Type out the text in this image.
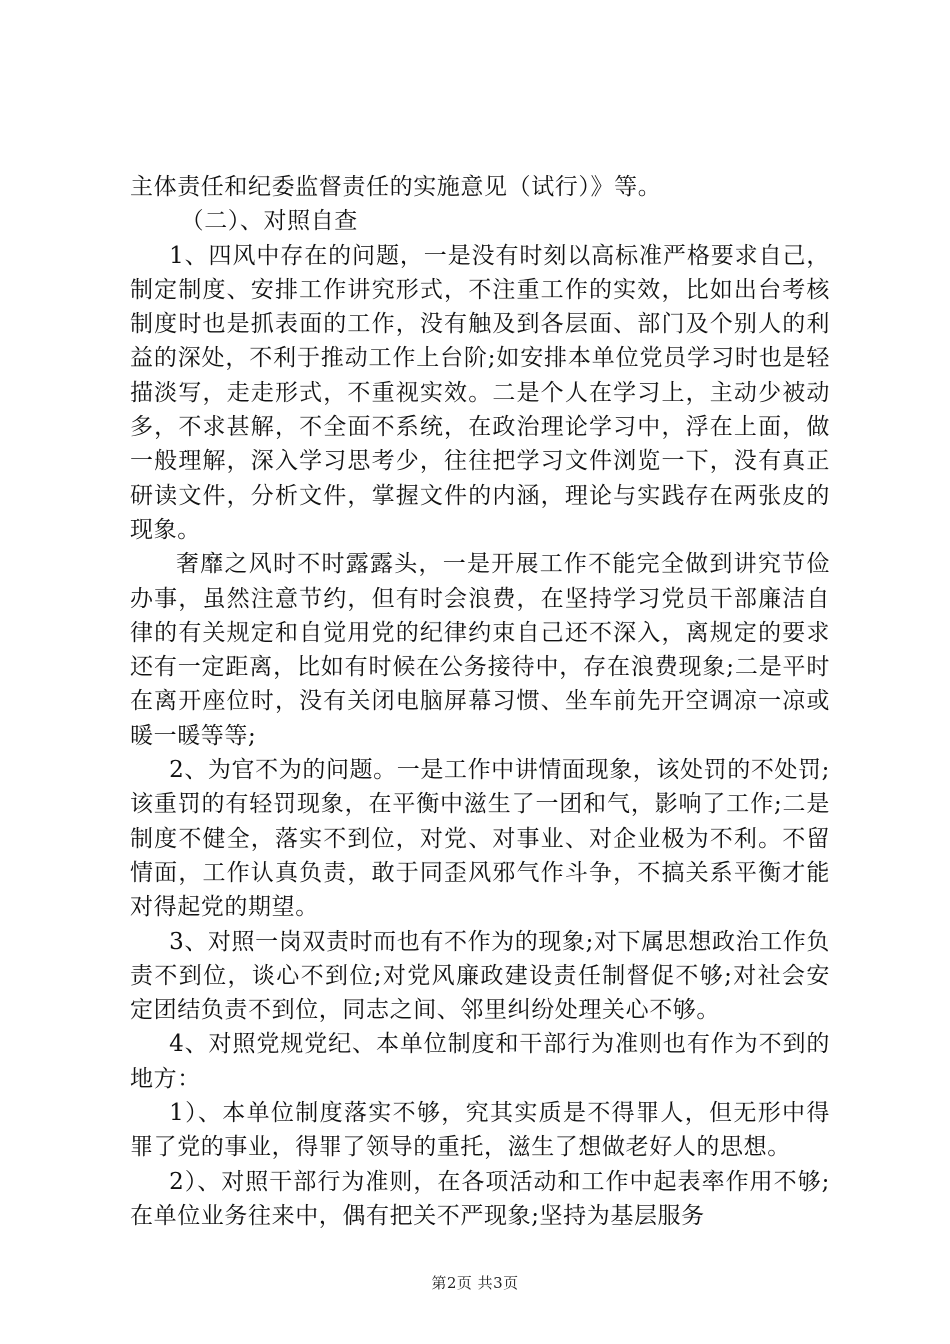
主体责任和纪委监督责任的实施意见（试行）》等。

（二）、对照自查

1、四风中存在的问题，一是没有时刻以高标准严格要求自己，制定制度、安排工作讲究形式，不注重工作的实效，比如出台考核制度时也是抓表面的工作，没有触及到各层面、部门及个别人的利益的深处，不利于推动工作上台阶;如安排本单位党员学习时也是轻描淡写，走走形式，不重视实效。二是个人在学习上，主动少被动多，不求甚解，不全面不系统，在政治理论学习中，浮在上面，做一般理解，深入学习思考少，往往把学习文件浏览一下，没有真正研读文件，分析文件，掌握文件的内涵，理论与实践存在两张皮的现象。

奢靡之风时不时露露头，一是开展工作不能完全做到讲究节俭办事，虽然注意节约，但有时会浪费，在坚持学习党员干部廉洁自律的有关规定和自觉用党的纪律约束自己还不深入，离规定的要求还有一定距离，比如有时候在公务接待中，存在浪费现象;二是平时在离开座位时，没有关闭电脑屏幕习惯、坐车前先开空调凉一凉或暖一暖等等;

2、为官不为的问题。一是工作中讲情面现象，该处罚的不处罚;该重罚的有轻罚现象，在平衡中滋生了一团和气，影响了工作;二是制度不健全，落实不到位，对党、对事业、对企业极为不利。不留情面，工作认真负责，敢于同歪风邪气作斗争，不搞关系平衡才能对得起党的期望。

3、对照一岗双责时而也有不作为的现象;对下属思想政治工作负责不到位，谈心不到位;对党风廉政建设责任制督促不够;对社会安定团结负责不到位，同志之间、邻里纠纷处理关心不够。

4、对照党规党纪、本单位制度和干部行为准则也有作为不到的地方：

1）、本单位制度落实不够，究其实质是不得罪人，但无形中得罪了党的事业，得罪了领导的重托，滋生了想做老好人的思想。

2）、对照干部行为准则，在各项活动和工作中起表率作用不够;在单位业务往来中，偶有把关不严现象;坚持为基层服务

第2页 共3页
